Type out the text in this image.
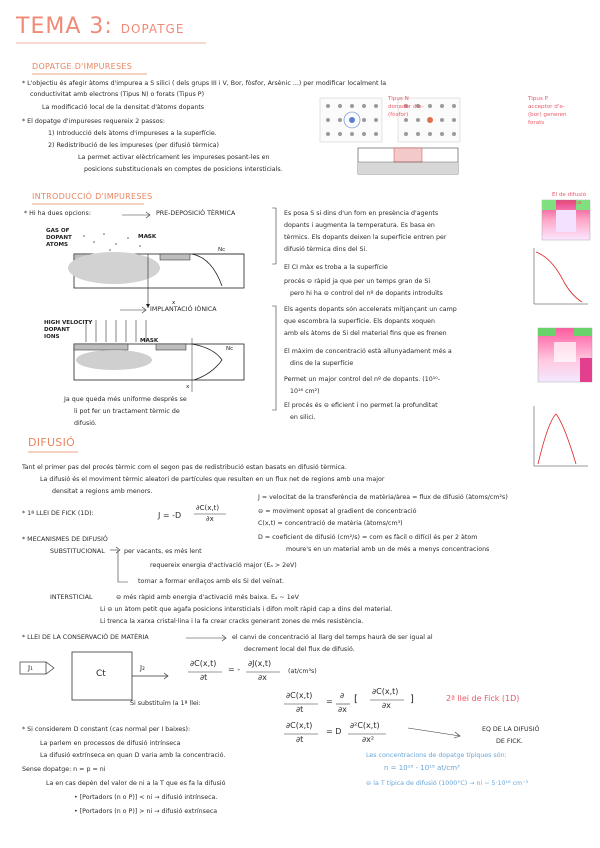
TEMA 3: DOPATGE
DOPATGE D'IMPURESES
* L'objectiu és afegir àtoms d'impurea a S silici ( dels grups III i V, Bor, fòsfor, Arsènic ...) per modificar localment la
conductivitat amb electrons (Tipus N) o forats (Tipus P)
La modificació local de la densitat d'àtoms dopants
* El dopatge d'impureses requereix 2 passos:
1) Introducció dels àtoms d'impureses a la superfície.
2) Redistribució de les impureses (per difusió tèrmica)
La permet activar elèctricament les impureses posant-les en
posicions substitucionals en comptes de posicions intersticials.
Tipus N
donador d'e-
(fòsfor)
Tipus P
acceptor d'e-
(bor) generen
forats
INTRODUCCIÓ D'IMPURESES
* Hi ha dues opcions:	PRE-DEPOSICIÓ TÈRMICA
GAS OF
DOPANT
ATOMS
MASK
Nc
x
IMPLANTACIÓ IÒNICA
HIGH VELOCITY
DOPANT
IONS
MASK
Nc
x
Ja que queda més uniforme després se
li pot fer un tractament tèrmic de
difusió.
Es posa S si dins d'un forn en presència d'agents
dopants i augmenta la temperatura. Es basa en
tèrmics. Els dopants deixen la superfície entren per
difusió tèrmica dins del Si.
El CI màx es troba a la superfície
procés ⊖ ràpid ja que per un temps gran de Si
pero hi ha ⊖ control del nº de dopants introduïts
Els agents dopants són accelerats mitjançant un camp
que escombra la superfície. Els dopants xoquen
amb els àtoms de Si del material fins que es frenen
El màxim de concentració està allunyadament més a
dins de la superfície
Permet un major control del nº de dopants. (10¹⁰-
10¹⁶ cm²)
El procés és ⊖ eficient i no permet la profunditat
en silici.
El de difusió
tèrmica
DIFUSIÓ
Tant el primer pas del procés tèrmic com el segon pas de redistribució estan basats en difusió tèrmica.
La difusió és el moviment tèrmic aleatori de partícules que resulten en un flux net de regions amb una major
densitat a regions amb menors.
* 1ª LLEI DE FICK (1D):	J = -D
∂C(x,t)
∂x
J = velocitat de la transferència de matèria/àrea = flux de difusió (àtoms/cm²s)
⊖ = moviment oposat al gradient de concentració
C(x,t) = concentració de matèria (àtoms/cm³)
D = coeficient de difusió (cm²/s) = com es fàcil o difícil és per 2 àtom
moure's en un material amb un de més a menys concentracions
* MECANISMES DE DIFUSIÓ
SUBSTITUCIONAL	per vacants, es més lent
requereix energia d'activació major (Eₐ > 2eV)
tornar a formar enllaços amb els Si del veïnat.
INTERSTICIAL	⊖ més ràpid amb energia d'activació més baixa. Eₐ ~ 1eV
Li ⊖ un àtom petit que agafa posicions intersticials i difon molt ràpid cap a dins del material.
Li trenca la xarxa cristal·lina i la fa crear cracks generant zones de més resistència.
* LLEI DE LA CONSERVACIÓ DE MATÈRIA	el canvi de concentració al llarg del temps haurà de ser igual al
decrement local del flux de difusió.
J₁
Ct
J₂	∂C(x,t)
∂t
= -
∂J(x,t)
∂x
(at/cm³s)
Si substituïm la 1ª llei:
∂C(x,t)
∂t
=
∂
∂x
[
∂C(x,t)
∂x
]	2ª llei de Fick (1D)
* Si considerem D constant (cas normal per I baixes):	∂C(x,t)
∂t
= D
∂²C(x,t)
∂x²
EQ DE LA DIFUSIÓ
DE FICK.
La parlem en processos de difusió intrínseca
La difusió extrínseca en quan D varia amb la concentració.
Sense dopatge: n = p = ni
La en cas depèn del valor de ni a la T que es fa la difusió
• [Portadors (n o P)] < ni → difusió intrínseca.
• [Portadors (n o P)] > ni → difusió extrínseca
Les concentracions de dopatge típiques són:
n = 10¹⁶ - 10¹⁸ at/cm³
⊖ la T típica de difusió (1000°C) → ni ~ 5·10¹⁸ cm⁻³
